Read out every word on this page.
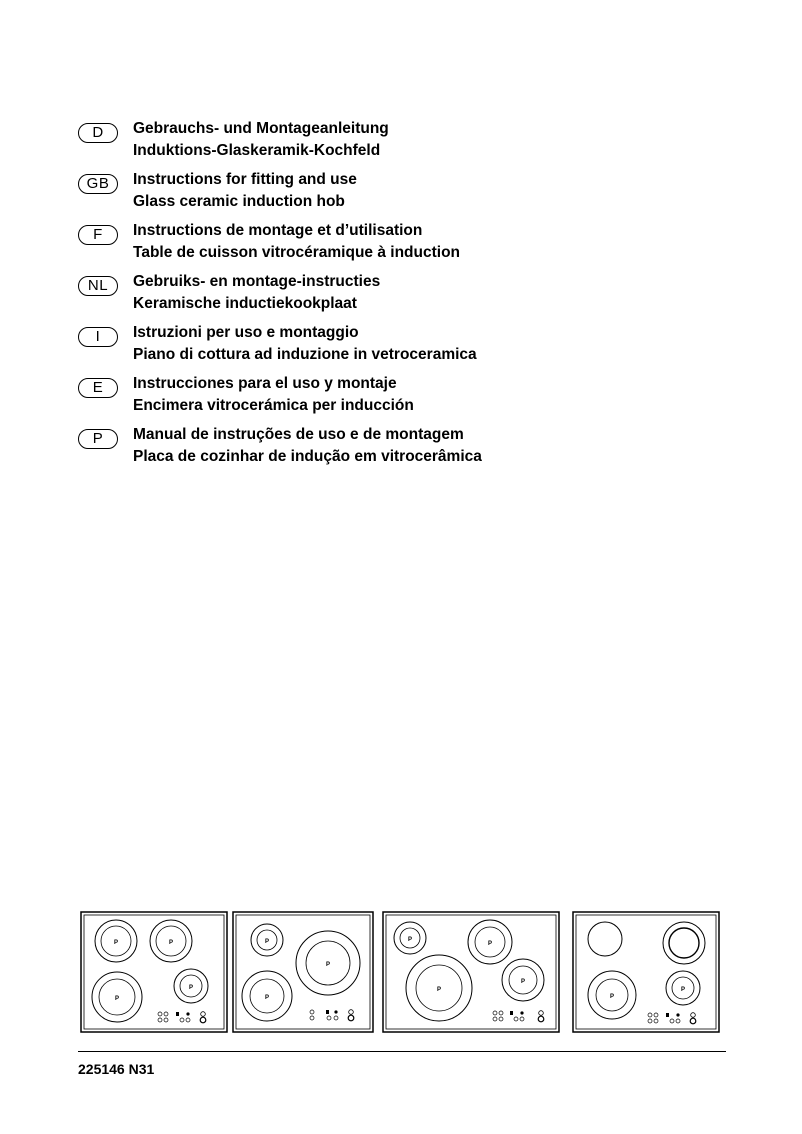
D	Gebrauchs- und Montageanleitung
Induktions-Glaskeramik-Kochfeld
GB	Instructions for fitting and use
Glass ceramic induction hob
F	Instructions de montage et d’utilisation
Table de cuisson vitrocéramique à induction
NL	Gebruiks- en montage-instructies
Keramische inductiekookplaat
I	Istruzioni per uso e montaggio
Piano di cottura ad induzione in vetroceramica
E	Instrucciones para el uso y montaje
Encimera vitrocerámica per inducción
P	Manual de instruções de uso e de montagem
Placa de cozinhar de indução em vitrocerâmica
P	P
P
P
P
P
P
P
P
P
P
P
P
225146 N31
